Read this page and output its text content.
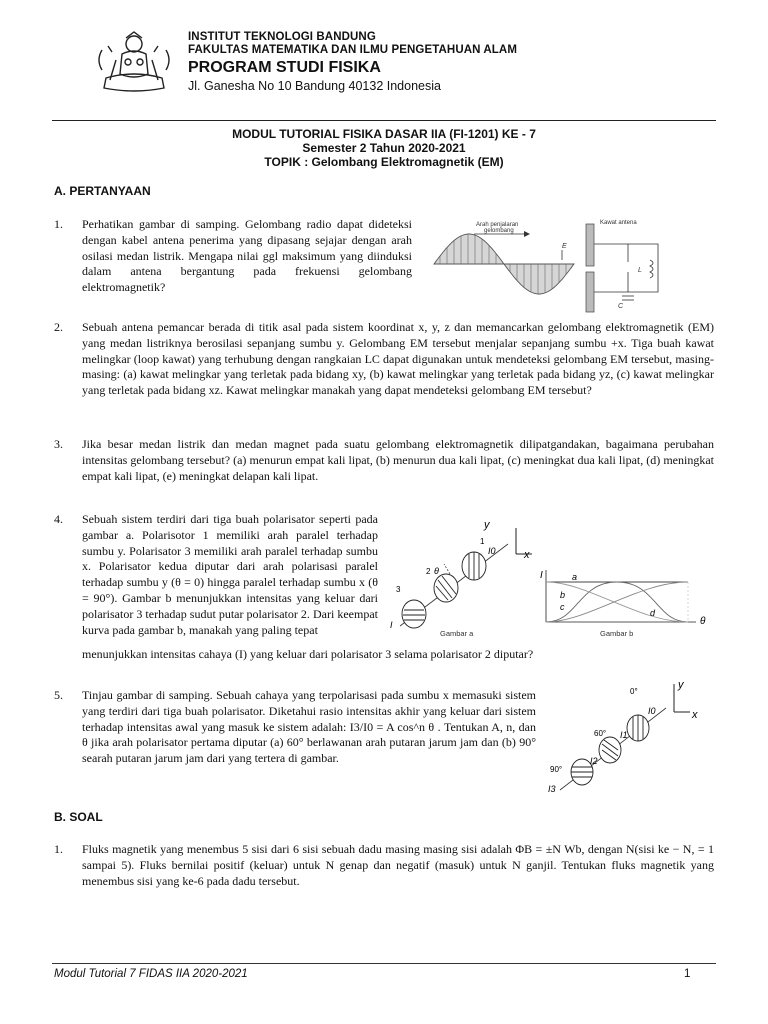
INSTITUT TEKNOLOGI BANDUNG
FAKULTAS MATEMATIKA DAN ILMU PENGETAHUAN ALAM
PROGRAM STUDI FISIKA
Jl. Ganesha No 10 Bandung 40132 Indonesia
MODUL TUTORIAL FISIKA DASAR IIA (FI-1201) KE - 7
Semester 2 Tahun 2020-2021
TOPIK : Gelombang Elektromagnetik (EM)
A. PERTANYAAN
1. Perhatikan gambar di samping. Gelombang radio dapat dideteksi dengan kabel antena penerima yang dipasang sejajar dengan arah osilasi medan listrik. Mengapa nilai ggl maksimum yang diinduksi dalam antena bergantung pada frekuensi gelombang elektromagnetik?
Arah penjalaran
gelombang
E
Kawat antena
L
C
2. Sebuah antena pemancar berada di titik asal pada sistem koordinat x, y, z dan memancarkan gelombang elektromagnetik (EM) yang medan listriknya berosilasi sepanjang sumbu y. Gelombang EM tersebut menjalar sepanjang sumbu +x. Tiga buah kawat melingkar (loop kawat) yang terhubung dengan rangkaian LC dapat digunakan untuk mendeteksi gelombang EM tersebut, masing-masing: (a) kawat melingkar yang terletak pada bidang xy, (b) kawat melingkar yang terletak pada bidang yz, (c) kawat melingkar yang terletak pada bidang xz. Kawat melingkar manakah yang dapat mendeteksi gelombang EM tersebut?
3. Jika besar medan listrik dan medan magnet pada suatu gelombang elektromagnetik dilipatgandakan, bagaimana perubahan intensitas gelombang tersebut? (a) menurun empat kali lipat, (b) menurun dua kali lipat, (c) meningkat dua kali lipat, (d) meningkat empat kali lipat, (e) meningkat delapan kali lipat.
4. Sebuah sistem terdiri dari tiga buah polarisator seperti pada gambar a. Polarisotor 1 memiliki arah paralel terhadap sumbu y. Polarisator 3 memiliki arah paralel terhadap sumbu x. Polarisator kedua diputar dari arah polarisasi paralel terhadap sumbu y (θ = 0) hingga paralel terhadap sumbu x (θ = 90°). Gambar b menunjukkan intensitas yang keluar dari polarisator 3 terhadap sudut putar polarisator 2. Dari keempat kurva pada gambar b, manakah yang paling tepat
menunjukkan intensitas cahaya (I) yang keluar dari polarisator 3 selama polarisator 2 diputar?
y
x
1
I0
2 θ
3
I
Gambar a
I	a
b
c
d
θ
Gambar b
5. Tinjau gambar di samping. Sebuah cahaya yang terpolarisasi pada sumbu x memasuki sistem yang terdiri dari tiga buah polarisator. Diketahui rasio intensitas akhir yang keluar dari sistem terhadap intensitas awal yang masuk ke sistem adalah: I3/I0 = A cos^n θ . Tentukan A, n, dan θ jika arah polarisator pertama diputar (a) 60° berlawanan arah putaran jarum jam dan (b) 90° searah putaran jarum jam dari yang tertera di gambar.
y
x
0°
I0
60° I1
I2
90°
I3
B. SOAL
1. Fluks magnetik yang menembus 5 sisi dari 6 sisi sebuah dadu masing masing sisi adalah ΦB = ±N Wb, dengan N(sisi ke − N, = 1 sampai 5). Fluks bernilai positif (keluar) untuk N genap dan negatif (masuk) untuk N ganjil. Tentukan fluks magnetik yang menembus sisi yang ke-6 pada dadu tersebut.
Modul Tutorial 7 FIDAS IIA 2020-2021	1
